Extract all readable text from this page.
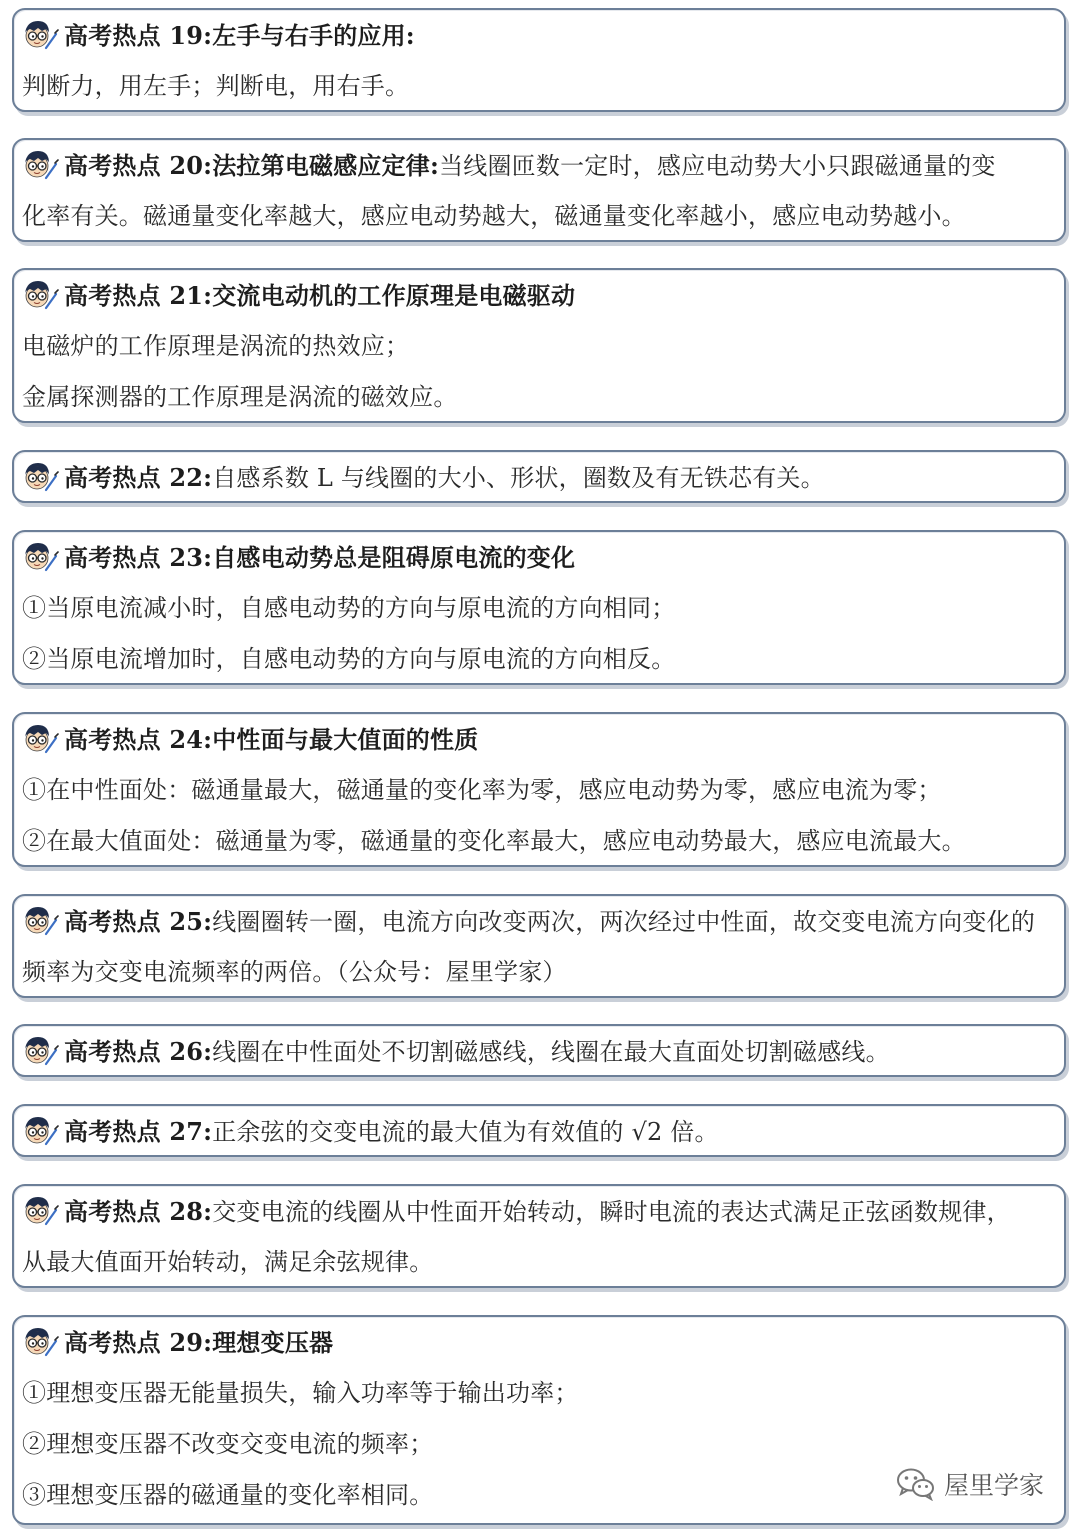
高考热点 19:左手与右手的应用:
判断力，用左手；判断电，用右手。
高考热点 20:法拉第电磁感应定律:当线圈匝数一定时，感应电动势大小只跟磁通量的变
化率有关。磁通量变化率越大，感应电动势越大，磁通量变化率越小，感应电动势越小。
高考热点 21:交流电动机的工作原理是电磁驱动
电磁炉的工作原理是涡流的热效应；
金属探测器的工作原理是涡流的磁效应。
高考热点 22:自感系数 L 与线圈的大小、形状，圈数及有无铁芯有关。
高考热点 23:自感电动势总是阻碍原电流的变化
①当原电流减小时，自感电动势的方向与原电流的方向相同；
②当原电流增加时，自感电动势的方向与原电流的方向相反。
高考热点 24:中性面与最大值面的性质
①在中性面处：磁通量最大，磁通量的变化率为零，感应电动势为零，感应电流为零；
②在最大值面处：磁通量为零，磁通量的变化率最大，感应电动势最大，感应电流最大。
高考热点 25:线圈圈转一圈，电流方向改变两次，两次经过中性面，故交变电流方向变化的
频率为交变电流频率的两倍。（公众号：屋里学家）
高考热点 26:线圈在中性面处不切割磁感线，线圈在最大直面处切割磁感线。
高考热点 27:正余弦的交变电流的最大值为有效值的 √2 倍。
高考热点 28:交变电流的线圈从中性面开始转动，瞬时电流的表达式满足正弦函数规律，
从最大值面开始转动，满足余弦规律。
高考热点 29:理想变压器
①理想变压器无能量损失，输入功率等于输出功率；
②理想变压器不改变交变电流的频率；
③理想变压器的磁通量的变化率相同。	屋里学家
